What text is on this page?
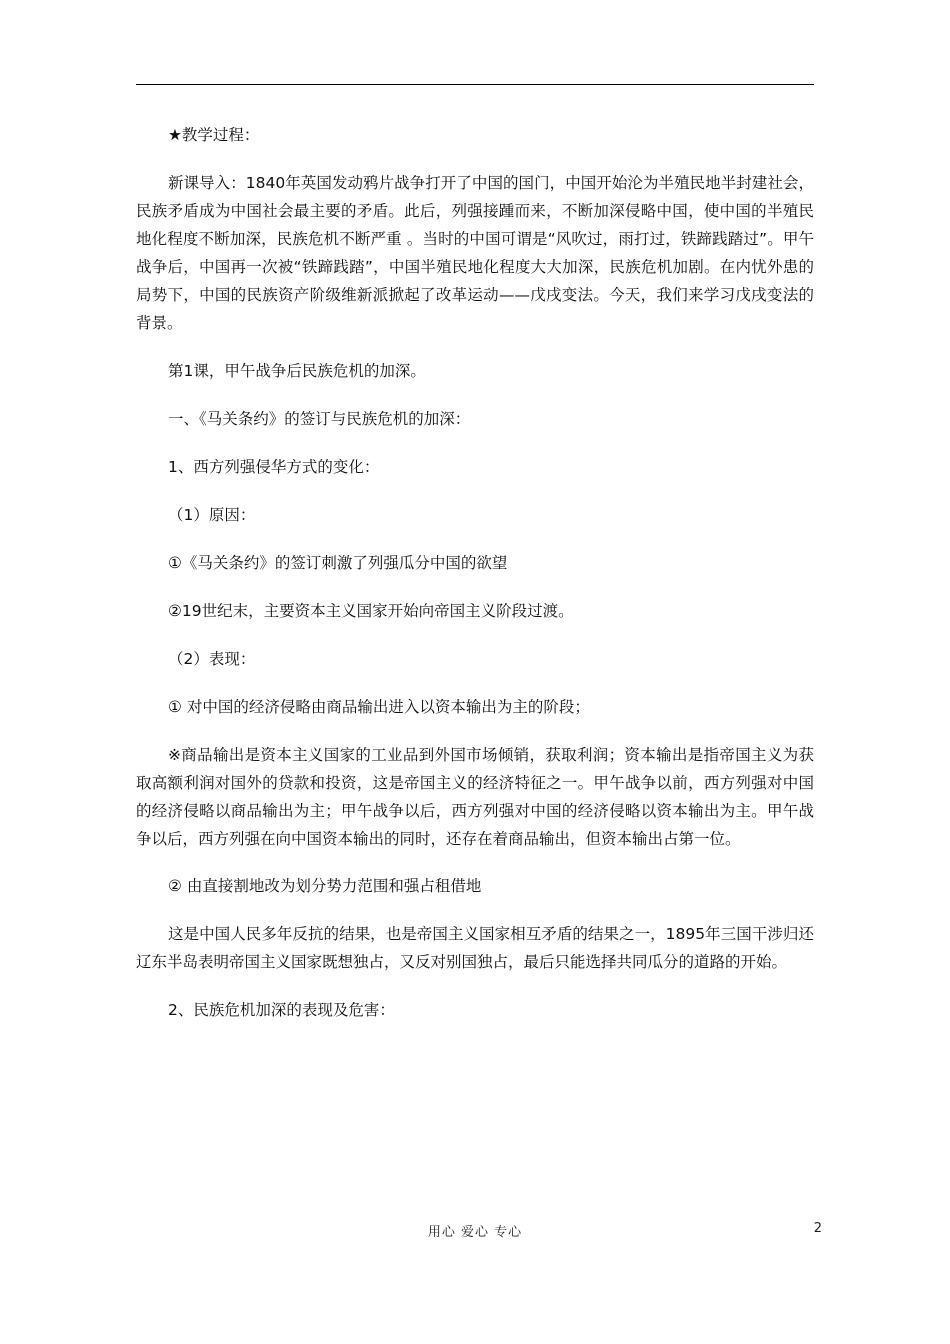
★教学过程：

新课导入：1840年英国发动鸦片战争打开了中国的国门，中国开始沦为半殖民地半封建社会，民族矛盾成为中国社会最主要的矛盾。此后，列强接踵而来，不断加深侵略中国，使中国的半殖民地化程度不断加深，民族危机不断严重 。当时的中国可谓是“风吹过，雨打过，铁蹄践踏过”。甲午战争后，中国再一次被“铁蹄践踏”，中国半殖民地化程度大大加深，民族危机加剧。在内忧外患的局势下，中国的民族资产阶级维新派掀起了改革运动——戊戌变法。今天，我们来学习戊戌变法的背景。

第1课，甲午战争后民族危机的加深。

一、《马关条约》的签订与民族危机的加深：

1、西方列强侵华方式的变化：

（1）原因：

①《马关条约》的签订刺激了列强瓜分中国的欲望

②19世纪末，主要资本主义国家开始向帝国主义阶段过渡。

（2）表现：

① 对中国的经济侵略由商品输出进入以资本输出为主的阶段；

※商品输出是资本主义国家的工业品到外国市场倾销，获取利润；资本输出是指帝国主义为获取高额利润对国外的贷款和投资，这是帝国主义的经济特征之一。甲午战争以前，西方列强对中国的经济侵略以商品输出为主；甲午战争以后，西方列强对中国的经济侵略以资本输出为主。甲午战争以后，西方列强在向中国资本输出的同时，还存在着商品输出，但资本输出占第一位。

② 由直接割地改为划分势力范围和强占租借地

这是中国人民多年反抗的结果，也是帝国主义国家相互矛盾的结果之一，1895年三国干涉归还辽东半岛表明帝国主义国家既想独占，又反对别国独占，最后只能选择共同瓜分的道路的开始。

2、民族危机加深的表现及危害：

用心 爱心 专心	2
